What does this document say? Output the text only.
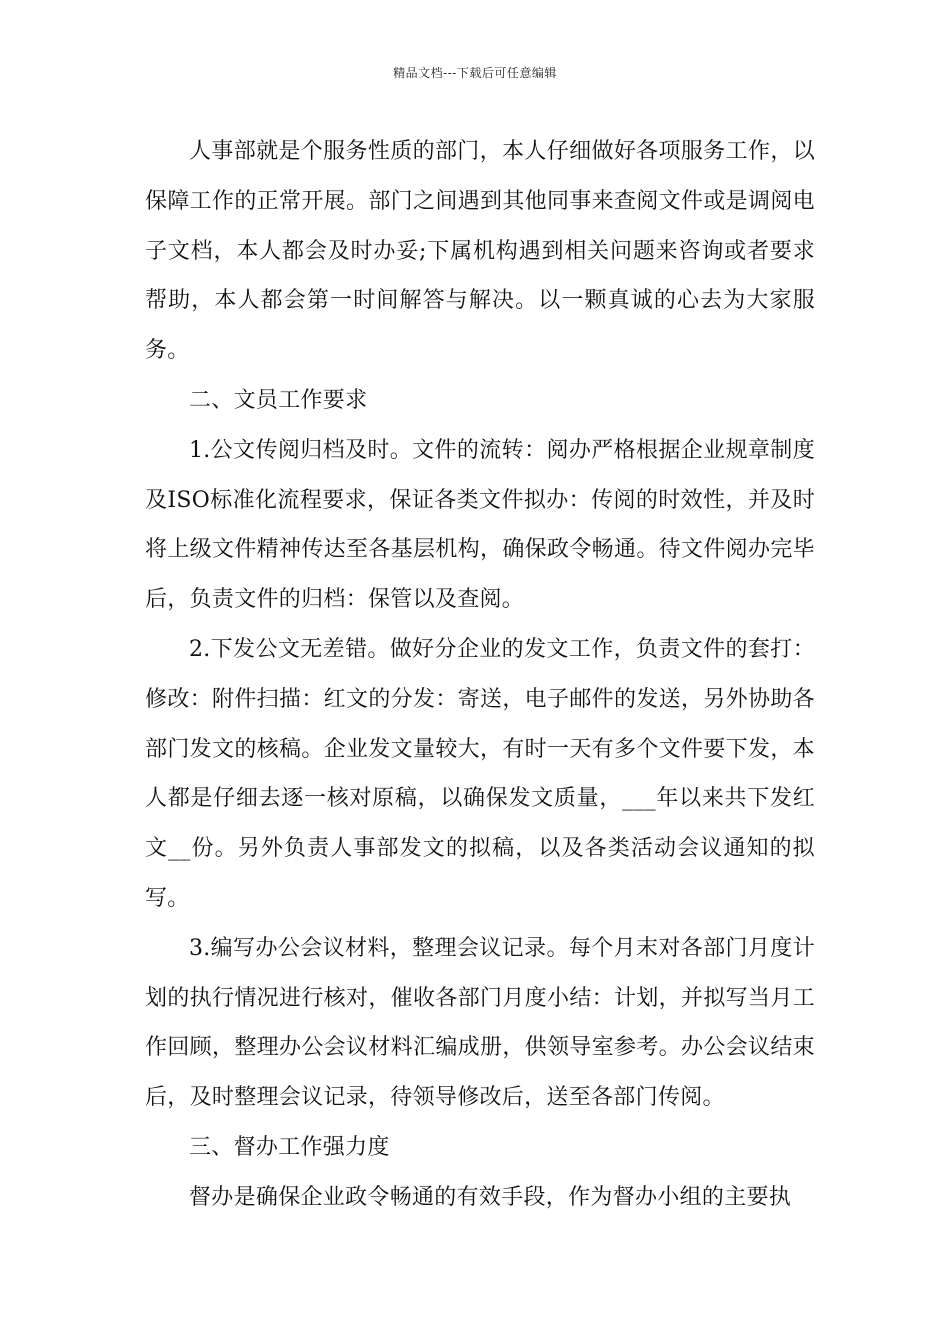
精品文档---下载后可任意编辑

人事部就是个服务性质的部门，本人仔细做好各项服务工作，以保障工作的正常开展。部门之间遇到其他同事来查阅文件或是调阅电子文档，本人都会及时办妥;下属机构遇到相关问题来咨询或者要求帮助，本人都会第一时间解答与解决。以一颗真诚的心去为大家服务。

二、文员工作要求

1.公文传阅归档及时。文件的流转：阅办严格根据企业规章制度及ISO标准化流程要求，保证各类文件拟办：传阅的时效性，并及时将上级文件精神传达至各基层机构，确保政令畅通。待文件阅办完毕后，负责文件的归档：保管以及查阅。

2.下发公文无差错。做好分企业的发文工作，负责文件的套打：修改：附件扫描：红文的分发：寄送，电子邮件的发送，另外协助各部门发文的核稿。企业发文量较大，有时一天有多个文件要下发，本人都是仔细去逐一核对原稿，以确保发文质量，___年以来共下发红文__份。另外负责人事部发文的拟稿，以及各类活动会议通知的拟写。

3.编写办公会议材料，整理会议记录。每个月末对各部门月度计划的执行情况进行核对，催收各部门月度小结：计划，并拟写当月工作回顾，整理办公会议材料汇编成册，供领导室参考。办公会议结束后，及时整理会议记录，待领导修改后，送至各部门传阅。

三、督办工作强力度

督办是确保企业政令畅通的有效手段，作为督办小组的主要执
